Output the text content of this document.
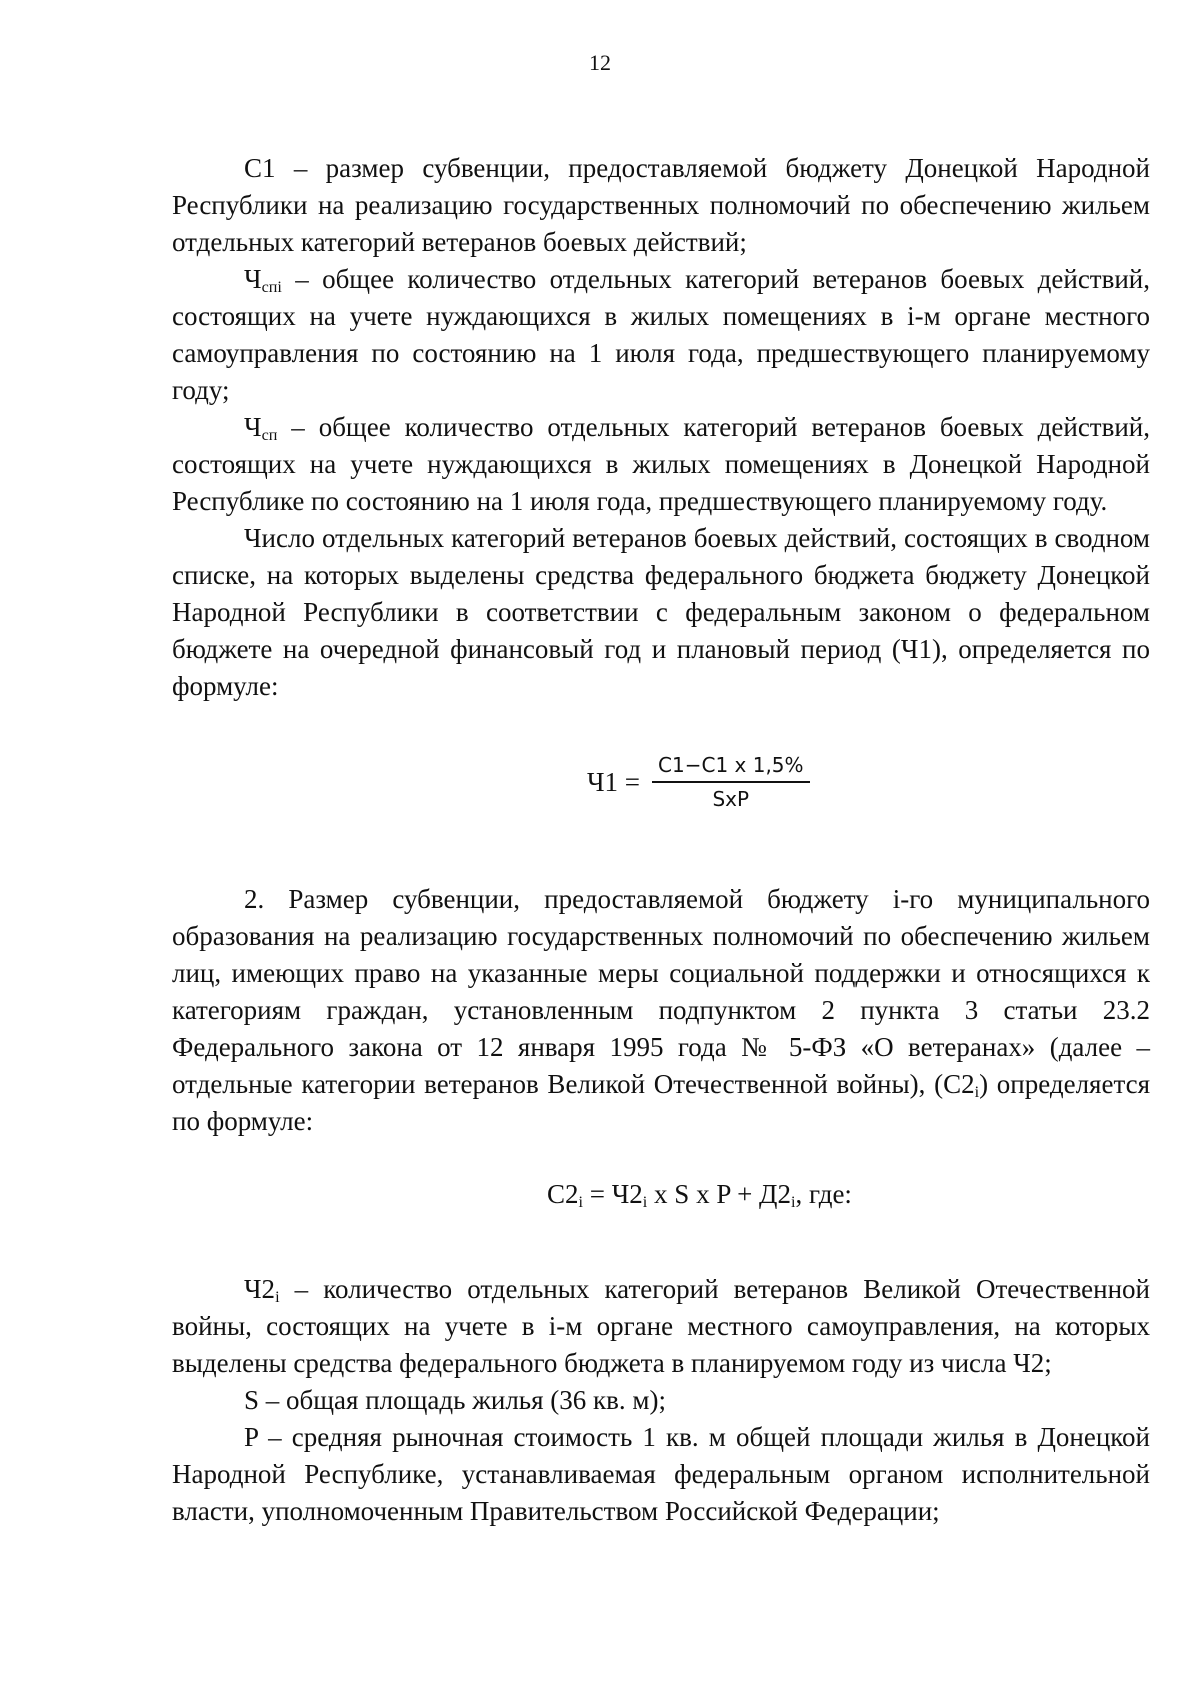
12

С1 – размер субвенции, предоставляемой бюджету Донецкой Народной Республики на реализацию государственных полномочий по обеспечению жильем отдельных категорий ветеранов боевых действий;

$Ч_{cпi}$ – общее количество отдельных категорий ветеранов боевых действий, состоящих на учете нуждающихся в жилых помещениях в i-м органе местного самоуправления по состоянию на 1 июля года, предшествующего планируемому году;

$Ч_{cп}$ – общее количество отдельных категорий ветеранов боевых действий, состоящих на учете нуждающихся в жилых помещениях в Донецкой Народной Республике по состоянию на 1 июля года, предшествующего планируемому году.

Число отдельных категорий ветеранов боевых действий, состоящих в сводном списке, на которых выделены средства федерального бюджета бюджету Донецкой Народной Республики в соответствии с федеральным законом о федеральном бюджете на очередной финансовый год и плановый период (Ч1), определяется по формуле:

$Ч1 = \frac{С1-С1 х 1,5\%}{\text{SхP}}$

2. Размер субвенции, предоставляемой бюджету i-го муниципального образования на реализацию государственных полномочий по обеспечению жильем лиц, имеющих право на указанные меры социальной поддержки и относящихся к категориям граждан, установленным подпунктом 2 пункта 3 статьи 23.2 Федерального закона от 12 января 1995 года № 5-ФЗ «О ветеранах» (далее – отдельные категории ветеранов Великой Отечественной войны), $(С2_i)$ определяется по формуле:

$С2_i = Ч2_i$ х S х $P + Д2_i$, где:

$Ч2_i$ – количество отдельных категорий ветеранов Великой Отечественной войны, состоящих на учете в i-м органе местного самоуправления, на которых выделены средства федерального бюджета в планируемом году из числа Ч2;

S – общая площадь жилья (36 кв. м);

P – средняя рыночная стоимость 1 кв. м общей площади жилья в Донецкой Народной Республике, устанавливаемая федеральным органом исполнительной власти, уполномоченным Правительством Российской Федерации;
